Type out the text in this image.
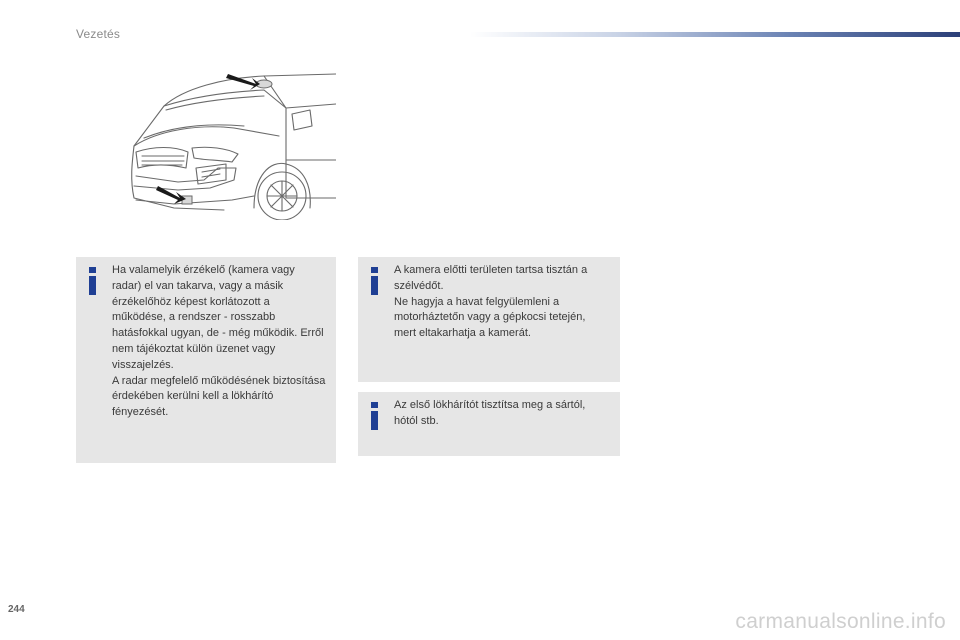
Vezetés

Ha valamelyik érzékelő (kamera vagy radar) el van takarva, vagy a másik érzékelőhöz képest korlátozott a működése, a rendszer - rosszabb hatásfokkal ugyan, de - még működik. Erről nem tájékoztat külön üzenet vagy visszajelzés.

A radar megfelelő működésének biztosítása érdekében kerülni kell a lökhárító fényezését.

A kamera előtti területen tartsa tisztán a szélvédőt.

Ne hagyja a havat felgyülemleni a motorháztetőn vagy a gépkocsi tetején, mert eltakarhatja a kamerát.

Az első lökhárítót tisztítsa meg a sártól, hótól stb.

244
carmanualsonline.info
